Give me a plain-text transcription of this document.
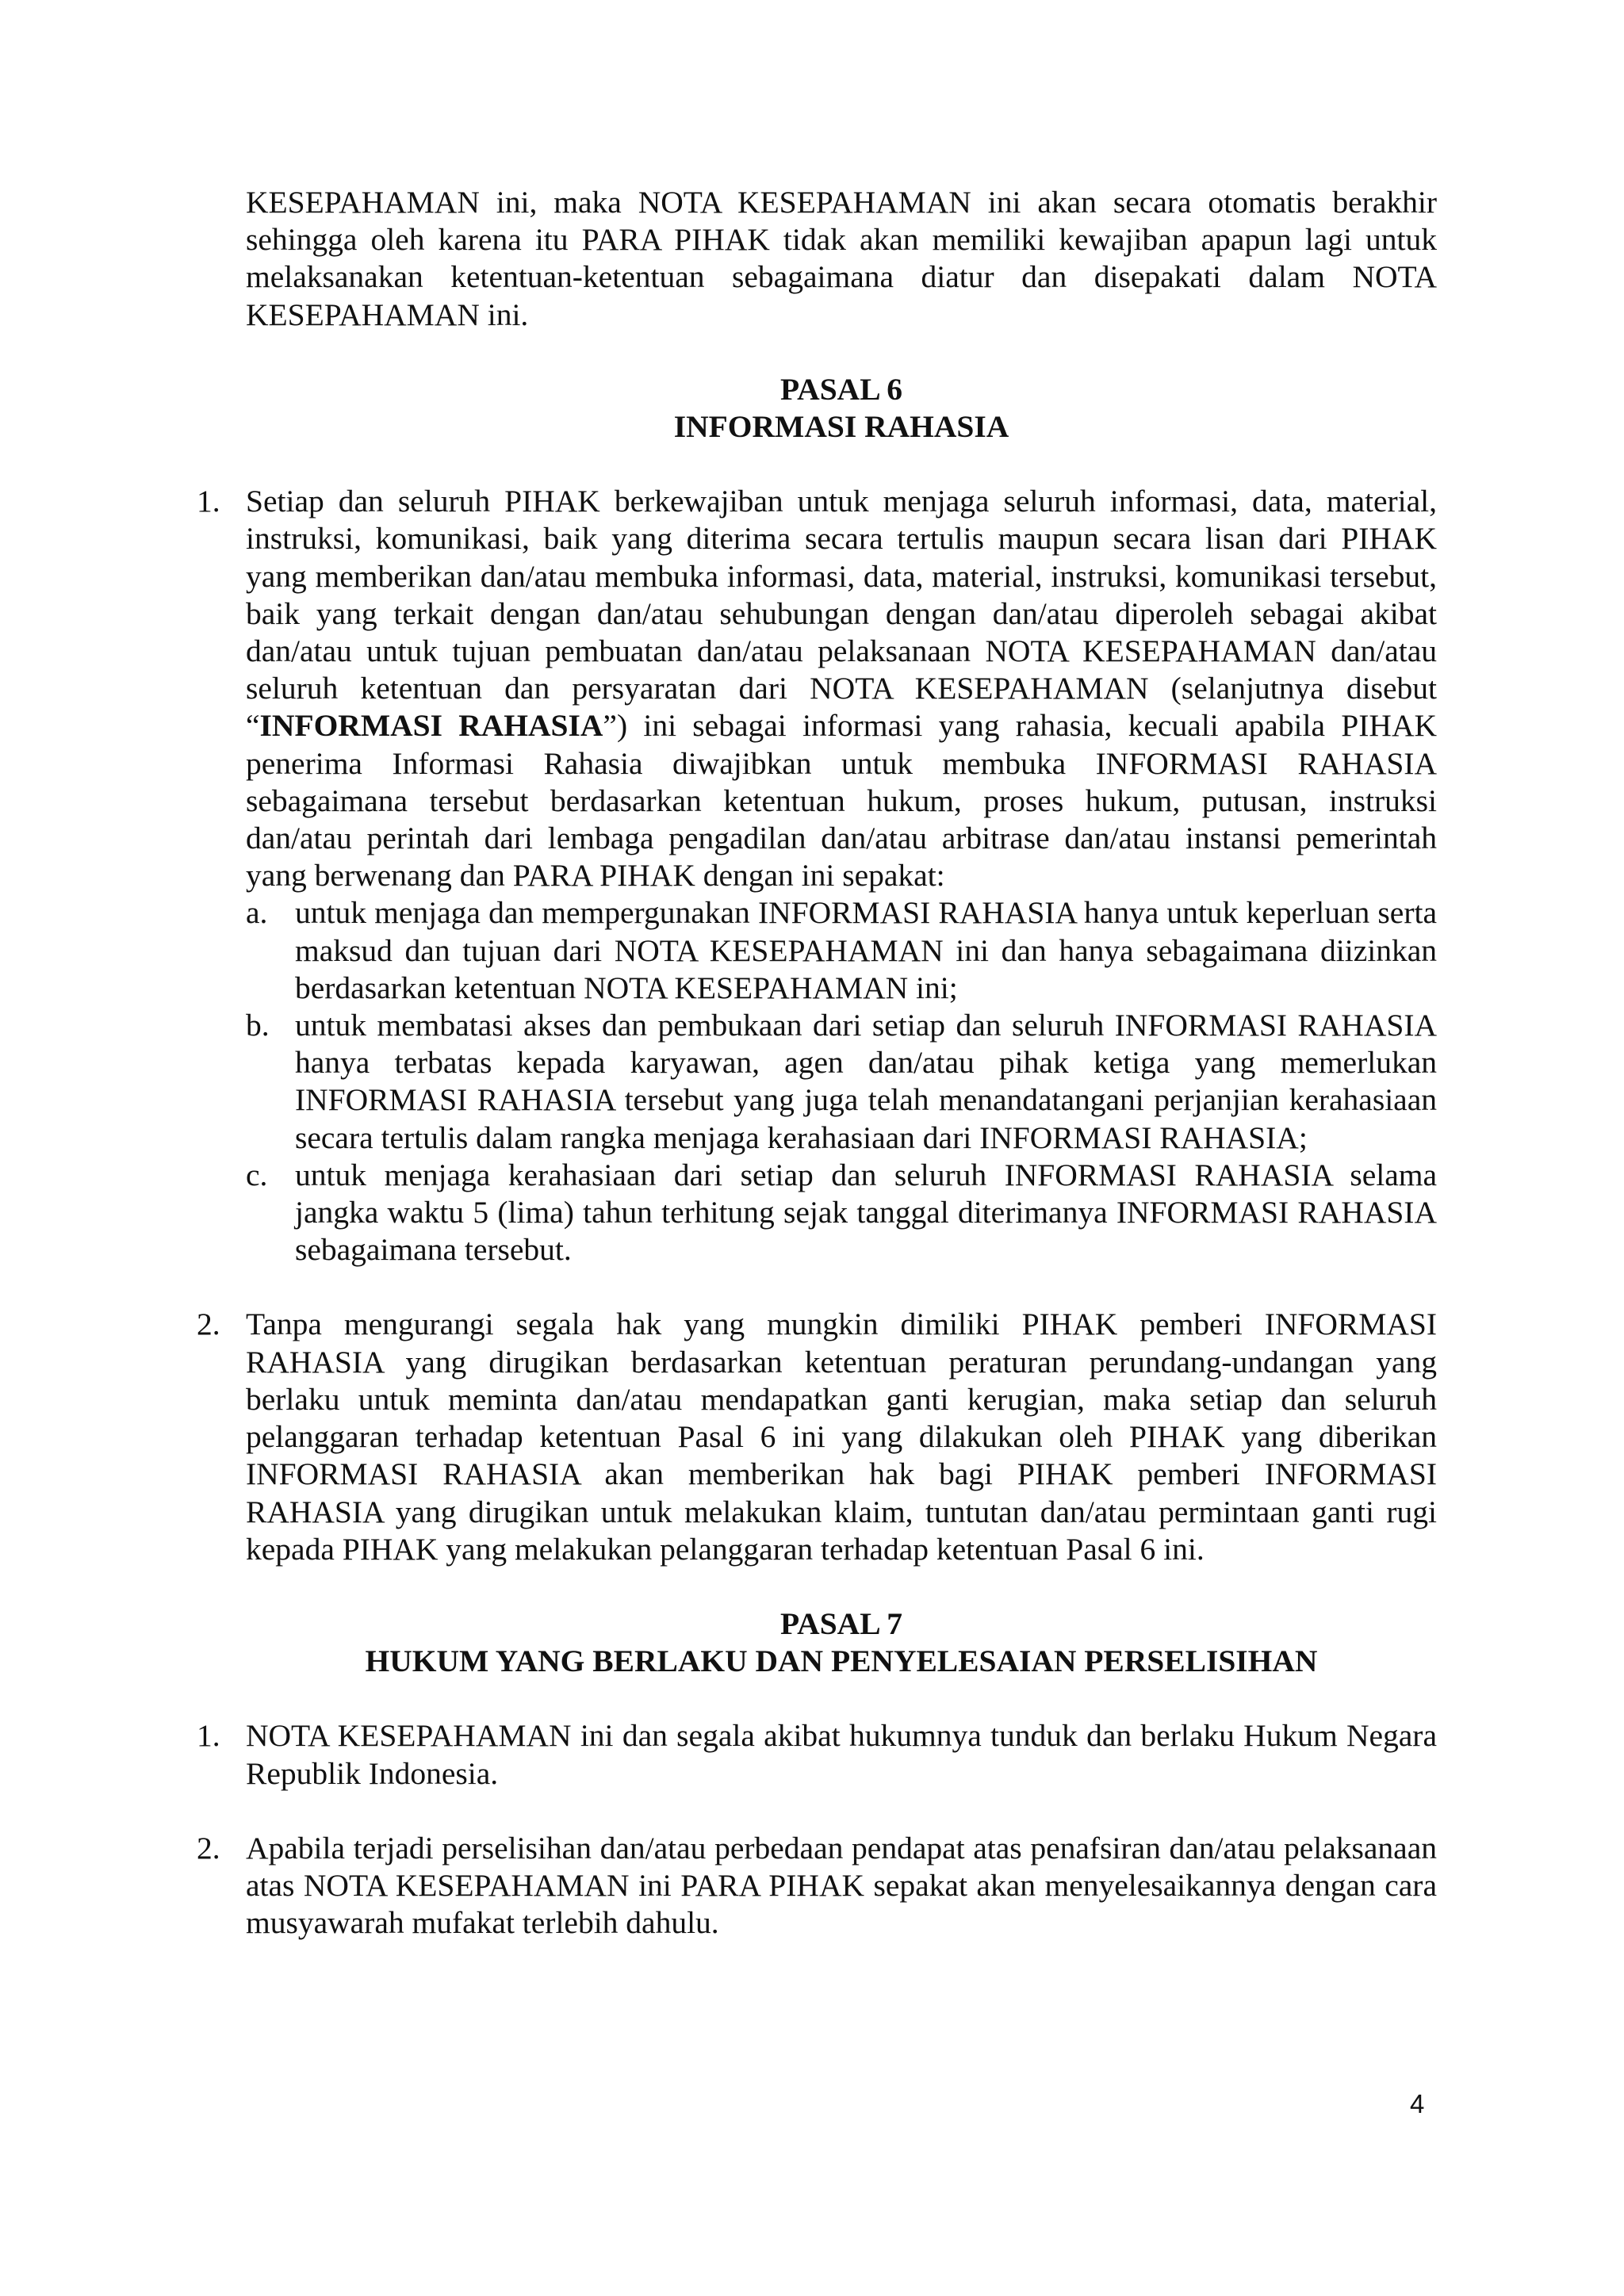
KESEPAHAMAN ini, maka NOTA KESEPAHAMAN ini akan secara otomatis berakhir sehingga oleh karena itu PARA PIHAK tidak akan memiliki kewajiban apapun lagi untuk melaksanakan ketentuan-ketentuan sebagaimana diatur dan disepakati dalam NOTA KESEPAHAMAN ini.

PASAL 6
INFORMASI RAHASIA
1. Setiap dan seluruh PIHAK berkewajiban untuk menjaga seluruh informasi, data, material, instruksi, komunikasi, baik yang diterima secara tertulis maupun secara lisan dari PIHAK yang memberikan dan/atau membuka informasi, data, material, instruksi, komunikasi tersebut, baik yang terkait dengan dan/atau sehubungan dengan dan/atau diperoleh sebagai akibat dan/atau untuk tujuan pembuatan dan/atau pelaksanaan NOTA KESEPAHAMAN dan/atau seluruh ketentuan dan persyaratan dari NOTA KESEPAHAMAN (selanjutnya disebut “INFORMASI RAHASIA”) ini sebagai informasi yang rahasia, kecuali apabila PIHAK penerima Informasi Rahasia diwajibkan untuk membuka INFORMASI RAHASIA sebagaimana tersebut berdasarkan ketentuan hukum, proses hukum, putusan, instruksi dan/atau perintah dari lembaga pengadilan dan/atau arbitrase dan/atau instansi pemerintah yang berwenang dan PARA PIHAK dengan ini sepakat:

a. untuk menjaga dan mempergunakan INFORMASI RAHASIA hanya untuk keperluan serta maksud dan tujuan dari NOTA KESEPAHAMAN ini dan hanya sebagaimana diizinkan berdasarkan ketentuan NOTA KESEPAHAMAN ini;

b. untuk membatasi akses dan pembukaan dari setiap dan seluruh INFORMASI RAHASIA hanya terbatas kepada karyawan, agen dan/atau pihak ketiga yang memerlukan INFORMASI RAHASIA tersebut yang juga telah menandatangani perjanjian kerahasiaan secara tertulis dalam rangka menjaga kerahasiaan dari INFORMASI RAHASIA;

c. untuk menjaga kerahasiaan dari setiap dan seluruh INFORMASI RAHASIA selama jangka waktu 5 (lima) tahun terhitung sejak tanggal diterimanya INFORMASI RAHASIA sebagaimana tersebut.

2. Tanpa mengurangi segala hak yang mungkin dimiliki PIHAK pemberi INFORMASI RAHASIA yang dirugikan berdasarkan ketentuan peraturan perundang-undangan yang berlaku untuk meminta dan/atau mendapatkan ganti kerugian, maka setiap dan seluruh pelanggaran terhadap ketentuan Pasal 6 ini yang dilakukan oleh PIHAK yang diberikan INFORMASI RAHASIA akan memberikan hak bagi PIHAK pemberi INFORMASI RAHASIA yang dirugikan untuk melakukan klaim, tuntutan dan/atau permintaan ganti rugi kepada PIHAK yang melakukan pelanggaran terhadap ketentuan Pasal 6 ini.

PASAL 7
HUKUM YANG BERLAKU DAN PENYELESAIAN PERSELISIHAN
1. NOTA KESEPAHAMAN ini dan segala akibat hukumnya tunduk dan berlaku Hukum Negara Republik Indonesia.

2. Apabila terjadi perselisihan dan/atau perbedaan pendapat atas penafsiran dan/atau pelaksanaan atas NOTA KESEPAHAMAN ini PARA PIHAK sepakat akan menyelesaikannya dengan cara musyawarah mufakat terlebih dahulu.

4
